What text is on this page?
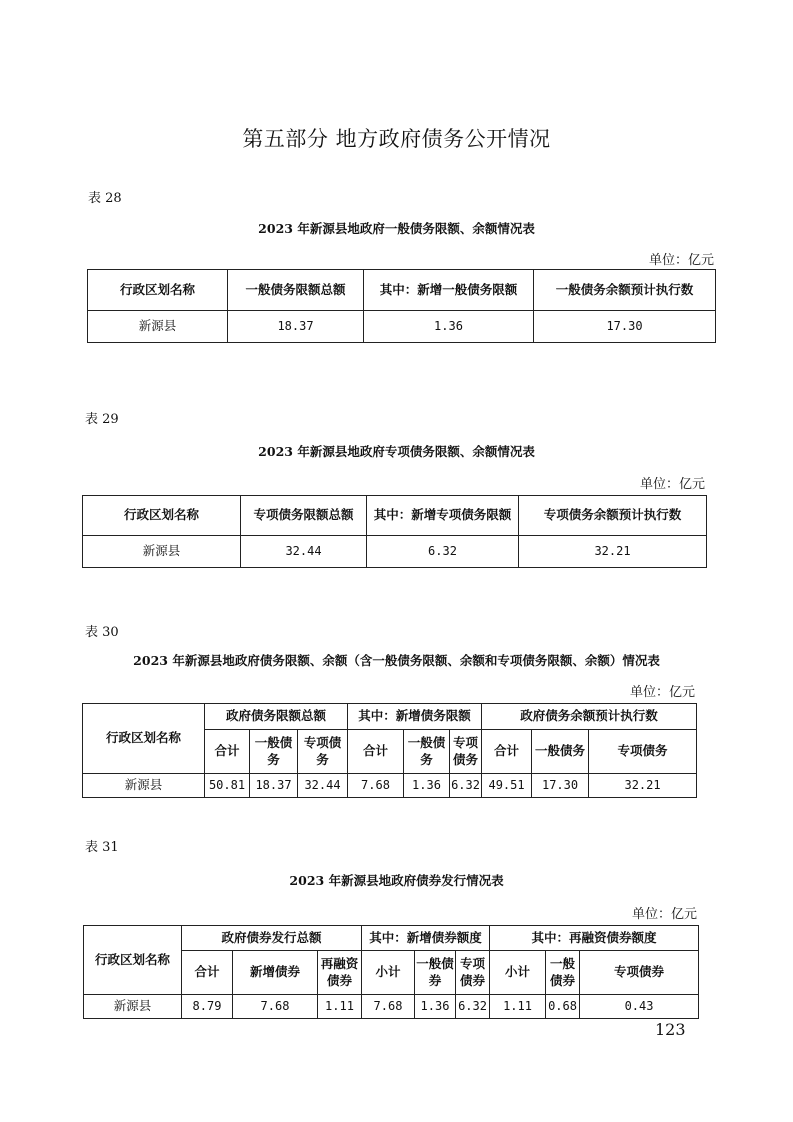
第五部分 地方政府债务公开情况
表 28
2023 年新源县地政府一般债务限额、余额情况表
单位：亿元
行政区划名称	一般债务限额总额	其中：新增一般债务限额	一般债务余额预计执行数
新源县	18.37	1.36	17.30
表 29
2023 年新源县地政府专项债务限额、余额情况表
单位：亿元
行政区划名称	专项债务限额总额	其中：新增专项债务限额	专项债务余额预计执行数
新源县	32.44	6.32	32.21
表 30
2023 年新源县地政府债务限额、余额（含一般债务限额、余额和专项债务限额、余额）情况表
单位：亿元
行政区划名称	政府债务限额总额			其中：新增债务限额			政府债务余额预计执行数		
	合计	一般债务	专项债务	合计	一般债务	专项债务	合计	一般债务	专项债务
新源县	50.81	18.37	32.44	7.68	1.36	6.32	49.51	17.30	32.21
表 31
2023 年新源县地政府债券发行情况表
单位：亿元
行政区划名称	政府债券发行总额			其中：新增债券额度			其中：再融资债券额度		
	合计	新增债券	再融资债券	小计	一般债券	专项债券	小计	一般债券	专项债券
新源县	8.79	7.68	1.11	7.68	1.36	6.32	1.11	0.68	0.43
123
